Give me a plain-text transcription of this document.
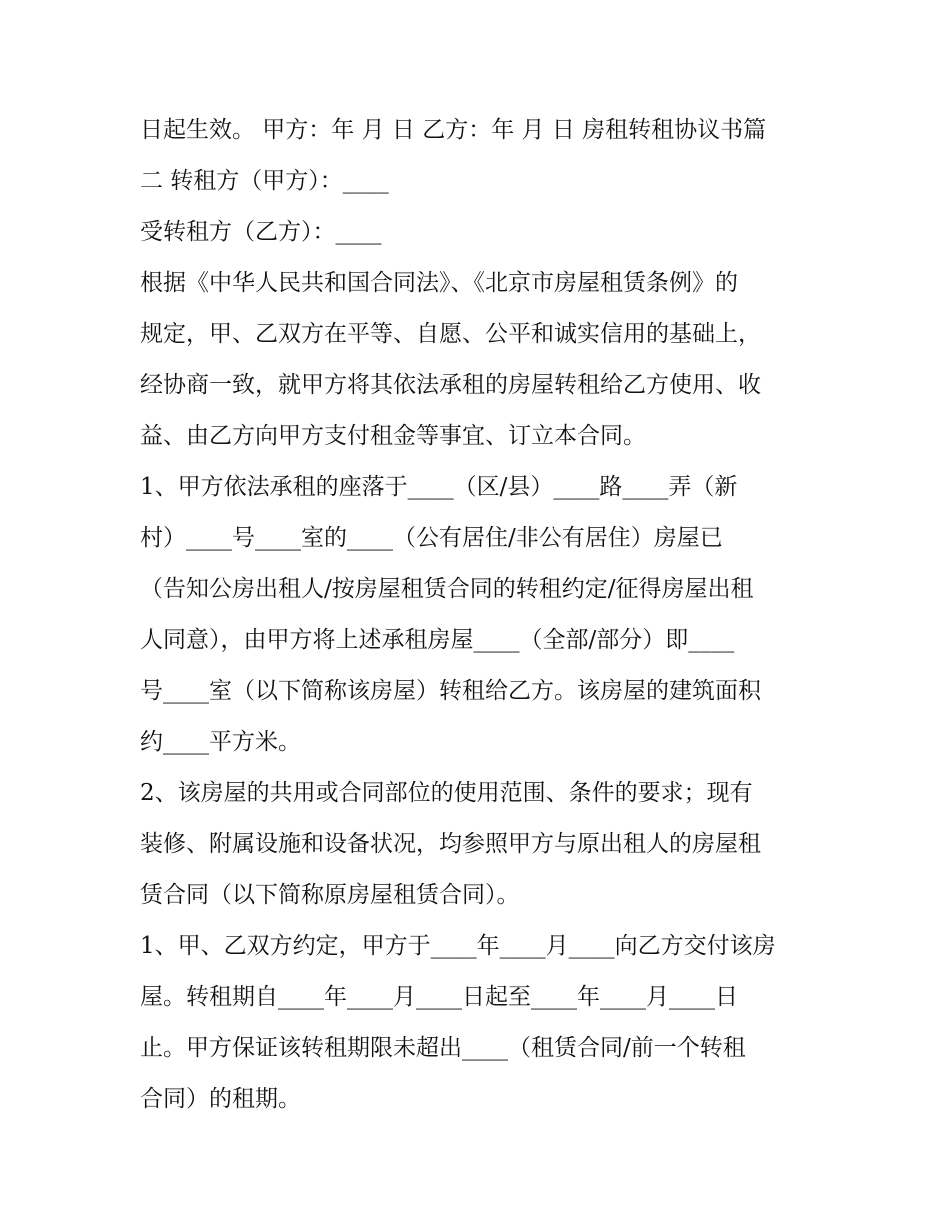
日起生效。 甲方：年 月 日 乙方：年 月 日 房租转租协议书篇
二 转租方（甲方）：____
受转租方（乙方）：____
根据《中华人民共和国合同法》、《北京市房屋租赁条例》的
规定，甲、乙双方在平等、自愿、公平和诚实信用的基础上，
经协商一致，就甲方将其依法承租的房屋转租给乙方使用、收
益、由乙方向甲方支付租金等事宜、订立本合同。
1、甲方依法承租的座落于____（区/县）____路____弄（新
村）____号____室的____（公有居住/非公有居住）房屋已
（告知公房出租人/按房屋租赁合同的转租约定/征得房屋出租
人同意），由甲方将上述承租房屋____（全部/部分）即____
号____室（以下简称该房屋）转租给乙方。该房屋的建筑面积
约____平方米。
2、该房屋的共用或合同部位的使用范围、条件的要求；现有
装修、附属设施和设备状况，均参照甲方与原出租人的房屋租
赁合同（以下简称原房屋租赁合同）。
1、甲、乙双方约定，甲方于____年____月____向乙方交付该房
屋。转租期自____年____月____日起至____年____月____日
止。甲方保证该转租期限未超出____（租赁合同/前一个转租
合同）的租期。
